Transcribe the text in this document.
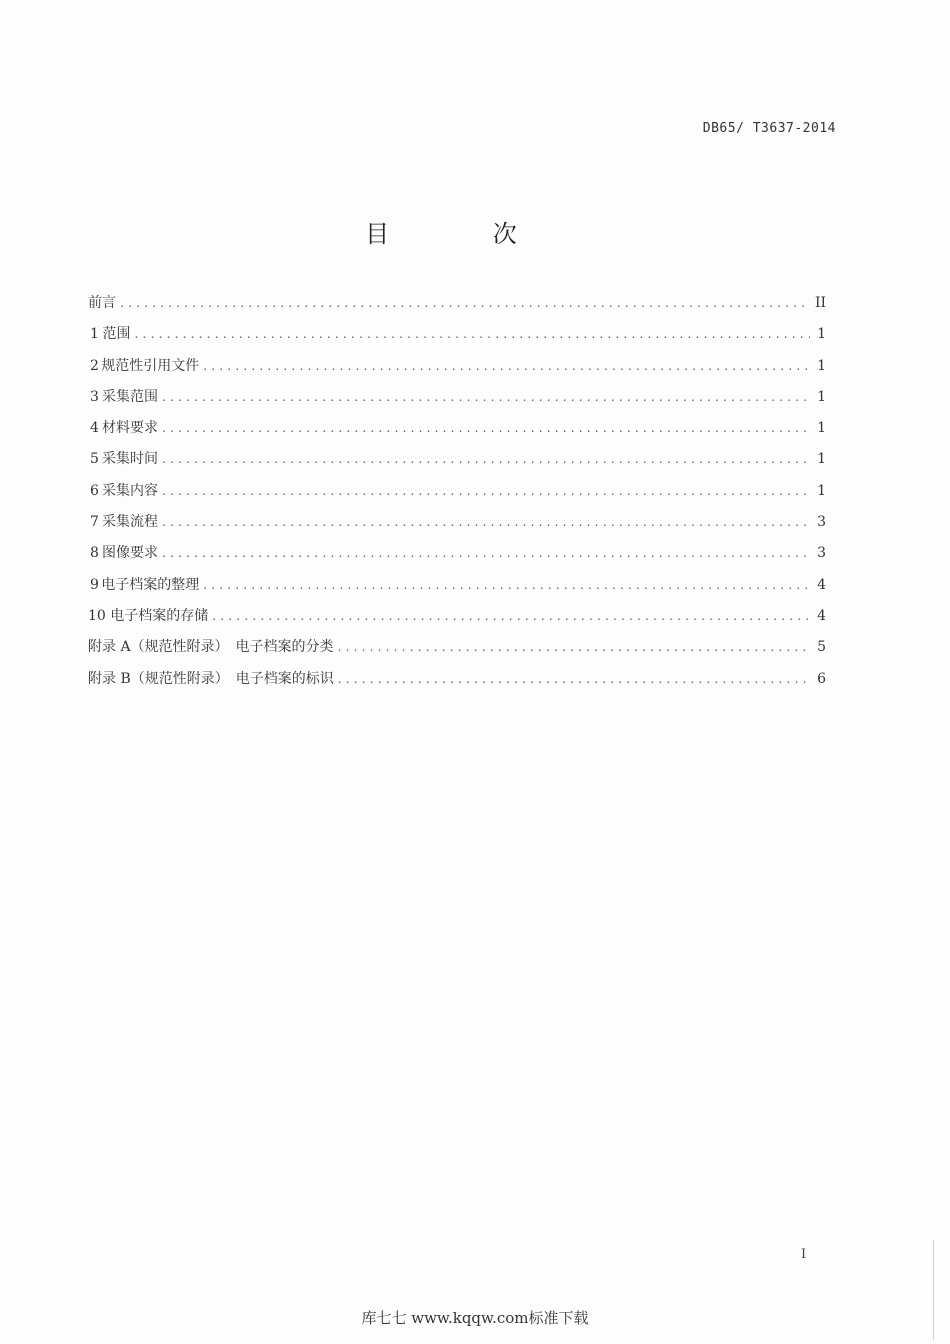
DB65/ T3637-2014
目 次
前言 .....	II
1 范围 .....	1
2 规范性引用文件 .....	1
3 采集范围 .....	1
4 材料要求 .....	1
5 采集时间 .....	1
6 采集内容 .....	1
7 采集流程 .....	3
8 图像要求 .....	3
9 电子档案的整理 .....	4
10 电子档案的存储 .....	4
附录 A（规范性附录）　电子档案的分类 .....	5
附录 B（规范性附录）　电子档案的标识 .....	6
I
库七七 www.kqqw.com标准下载
